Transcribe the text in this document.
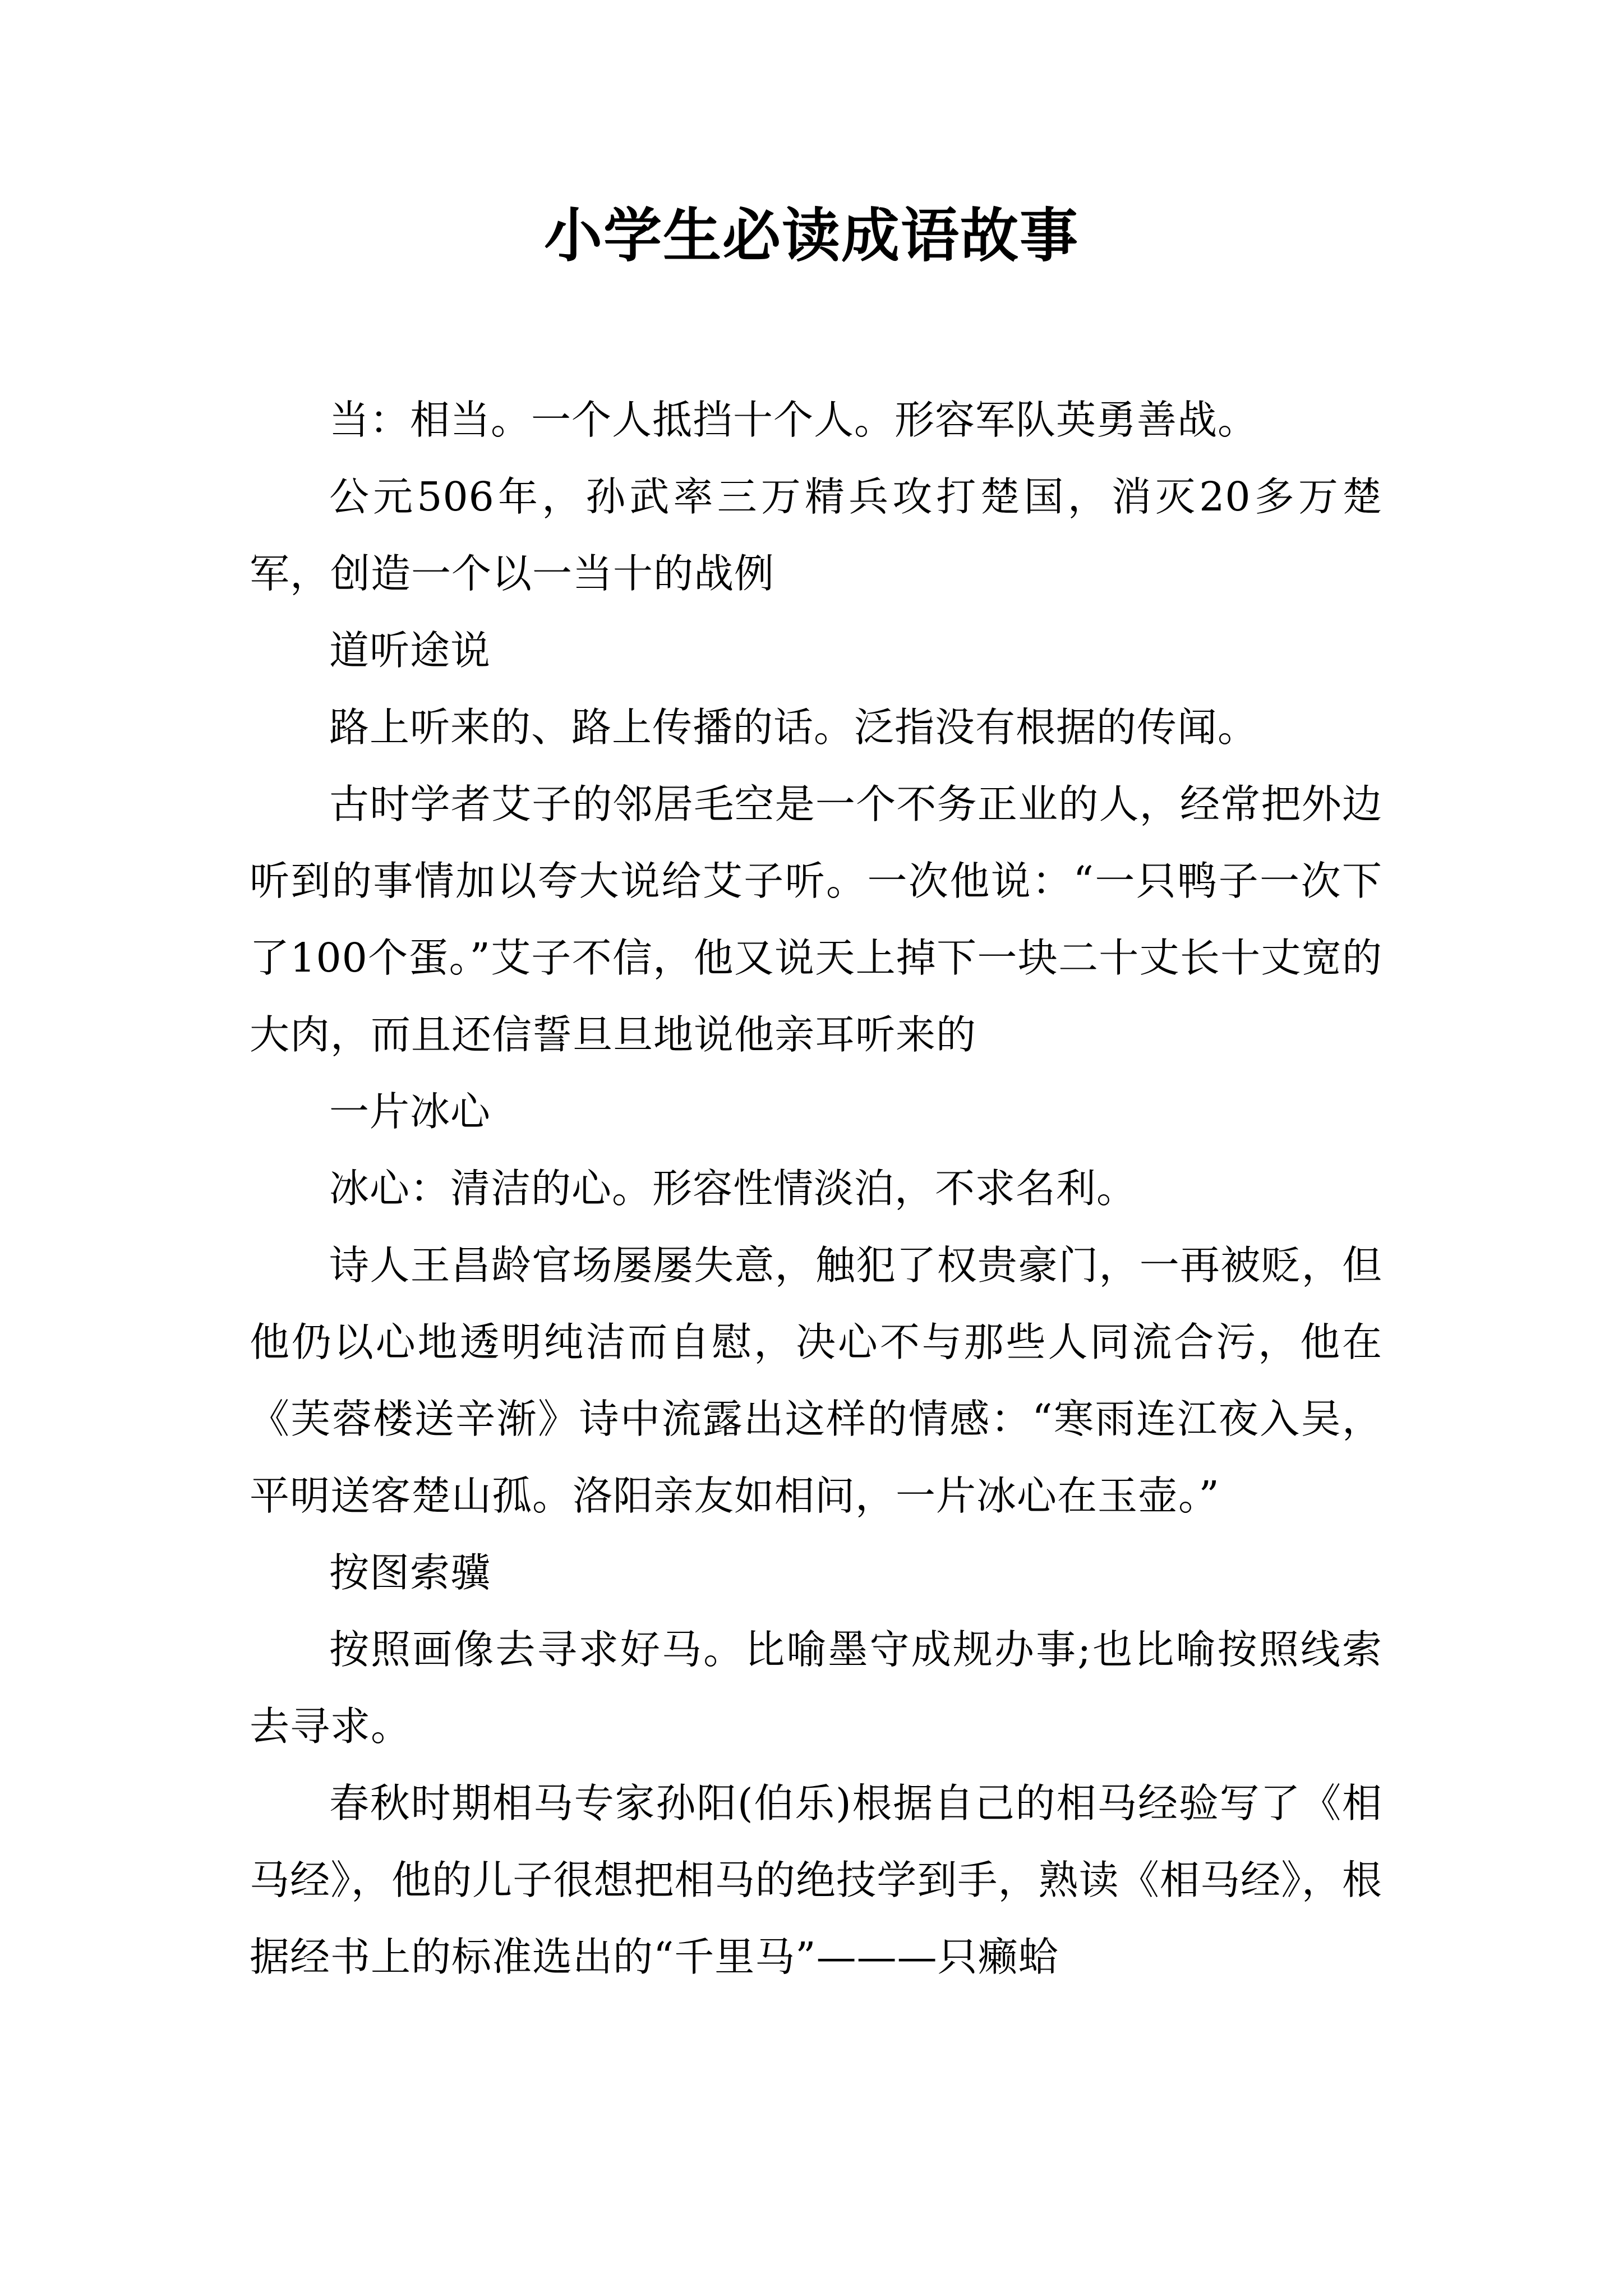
小学生必读成语故事

当：相当。一个人抵挡十个人。形容军队英勇善战。

公元506年，孙武率三万精兵攻打楚国，消灭20多万楚军，创造一个以一当十的战例

道听途说

路上听来的、路上传播的话。泛指没有根据的传闻。

古时学者艾子的邻居毛空是一个不务正业的人，经常把外边听到的事情加以夸大说给艾子听。一次他说：“一只鸭子一次下了100个蛋。”艾子不信，他又说天上掉下一块二十丈长十丈宽的大肉，而且还信誓旦旦地说他亲耳听来的

一片冰心

冰心：清洁的心。形容性情淡泊，不求名利。

诗人王昌龄官场屡屡失意，触犯了权贵豪门，一再被贬，但他仍以心地透明纯洁而自慰，决心不与那些人同流合污，他在《芙蓉楼送辛渐》诗中流露出这样的情感：“寒雨连江夜入吴，平明送客楚山孤。洛阳亲友如相问，一片冰心在玉壶。”

按图索骥

按照画像去寻求好马。比喻墨守成规办事;也比喻按照线索去寻求。

春秋时期相马专家孙阳(伯乐)根据自己的相马经验写了《相马经》，他的儿子很想把相马的绝技学到手，熟读《相马经》，根据经书上的标准选出的“千里马”———只癞蛤
